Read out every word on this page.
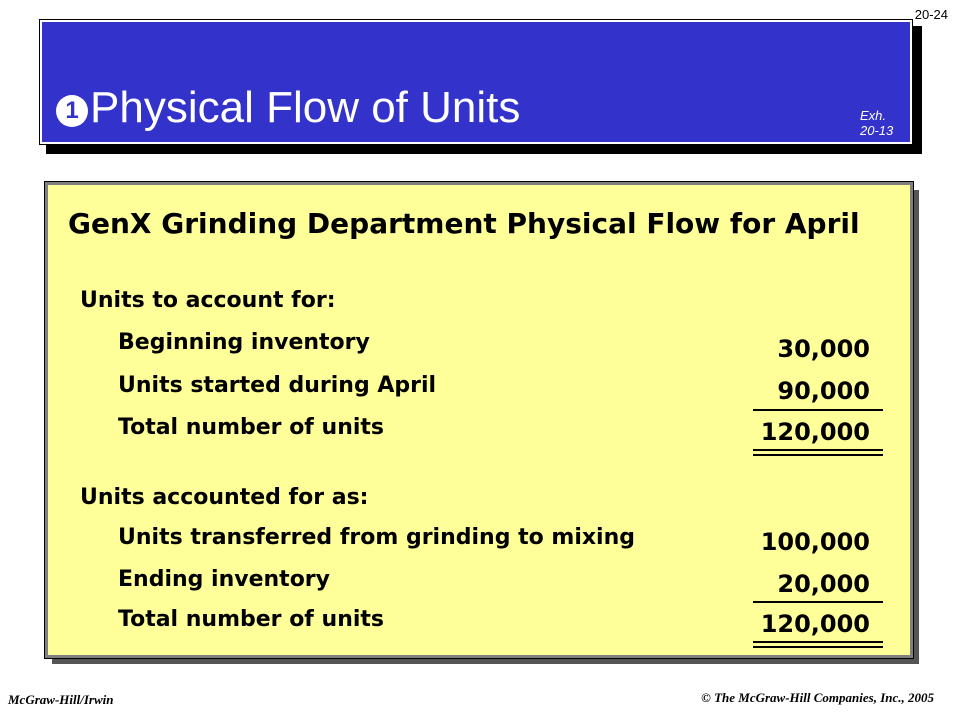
20-24
1 Physical Flow of Units	Exh.
20-13
GenX Grinding Department Physical Flow for April
Units to account for:
Beginning inventory	30,000
Units started during April	90,000
Total number of units	120,000
Units accounted for as:
Units transferred from grinding to mixing	100,000
Ending inventory	20,000
Total number of units	120,000
McGraw-Hill/Irwin	© The McGraw-Hill Companies, Inc., 2005
